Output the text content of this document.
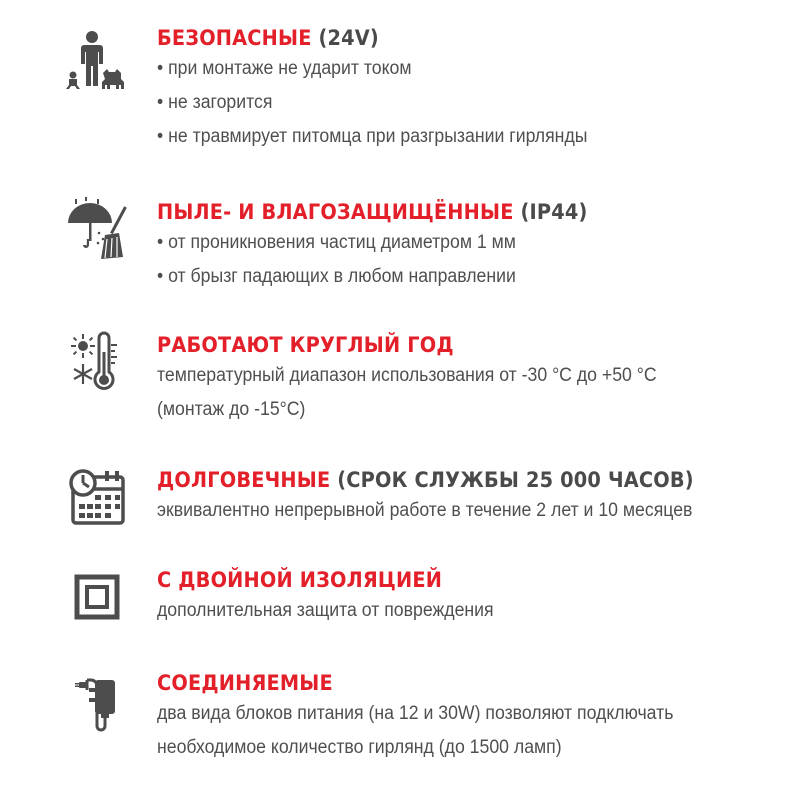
БЕЗОПАСНЫЕ (24V)
• при монтаже не ударит током
• не загорится
• не травмирует питомца при разгрызании гирлянды
ПЫЛЕ- И ВЛАГОЗАЩИЩЁННЫЕ (IP44)
• от проникновения частиц диаметром 1 мм
• от брызг падающих в любом направлении
РАБОТАЮТ КРУГЛЫЙ ГОД
температурный диапазон использования от -30 °С до +50 °С
(монтаж до -15°С)
ДОЛГОВЕЧНЫЕ (СРОК СЛУЖБЫ 25 000 ЧАСОВ)
эквивалентно непрерывной работе в течение 2 лет и 10 месяцев
С ДВОЙНОЙ ИЗОЛЯЦИЕЙ
дополнительная защита от повреждения
СОЕДИНЯЕМЫЕ
два вида блоков питания (на 12 и 30W) позволяют подключать
необходимое количество гирлянд (до 1500 ламп)
